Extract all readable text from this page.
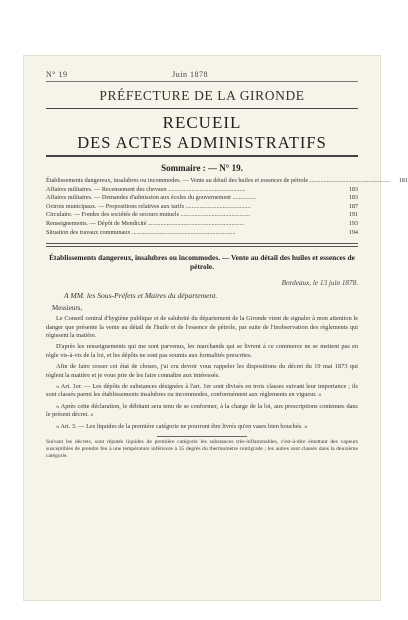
N° 19	Juin 1878
PRÉFECTURE DE LA GIRONDE
RECUEIL
DES ACTES ADMINISTRATIFS
Sommaire : — N° 19.
Établissements dangereux, insalubres ou incommodes. — Vente au détail des huiles et essences de pétrole ....................................................	181
Affaires militaires. — Recensement des chevaux ..................................................	183
Affaires militaires. — Demandes d'admission aux écoles du gouvernement ...............	183
Octrois municipaux. — Propositions relatives aux tarifs ..........................................	187
Circulaire. — Fondes des sociétés de secours mutuels .............................................	191
Renseignements. — Dépôt de Mendicité ..............................................................	193
Situation des travaux communaux ...................................................................	194
Établissements dangereux, insalubres ou incommodes. — Vente au détail des huiles et essences de pétrole.
Bordeaux, le 13 juin 1878.
A MM. les Sous-Préfets et Maires du département.
Messieurs,
Le Conseil central d'hygiène publique et de salubrité du département de la Gironde vient de signaler à mon attention le danger que présente la vente au détail de l'huile et de l'essence de pétrole, par suite de l'inobservation des règlements qui régissent la matière.
D'après les renseignements qui me sont parvenus, les marchands qui se livrent à ce commerce ne se mettent pas en règle vis-à-vis de la loi, et les dépôts ne sont pas soumis aux formalités prescrites.
Afin de faire cesser cet état de choses, j'ai cru devoir vous rappeler les dispositions du décret du 19 mai 1873 qui règlent la matière et je vous prie de les faire connaître aux intéressés.
« Art. 1er. — Les dépôts de substances désignées à l'art. 1er sont divisés en trois classes suivant leur importance ; ils sont classés parmi les établissements insalubres ou incommodes, conformément aux règlements en vigueur. »
« Après cette déclaration, le débitant sera tenu de se conformer, à la charge de la loi, aux prescriptions contenues dans le présent décret. »
« Art. 3. — Les liquides de la première catégorie ne pourront être livrés qu'en vases bien bouchés. »
Suivant les décrets, sont réputés liquides de première catégorie les substances très-inflammables, c'est-à-dire émettant des vapeurs susceptibles de prendre feu à une température inférieure à 35 degrés du thermomètre centigrade ; les autres sont classés dans la deuxième catégorie.
